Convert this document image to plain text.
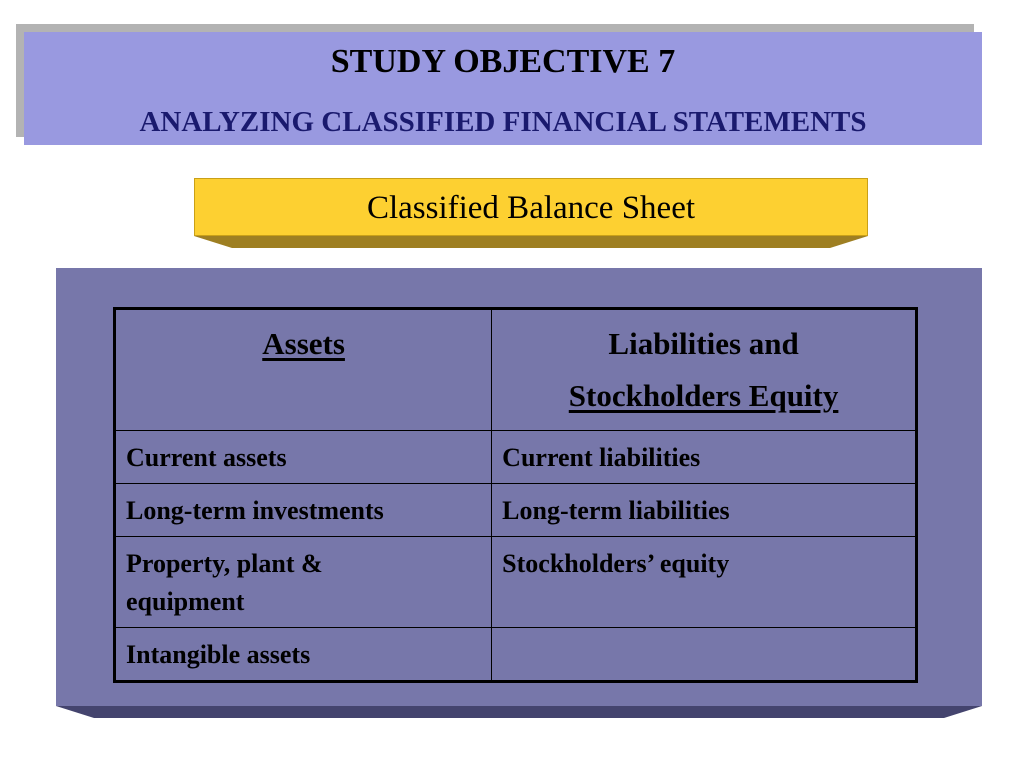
STUDY OBJECTIVE 7
ANALYZING CLASSIFIED FINANCIAL STATEMENTS
Classified Balance Sheet
Assets	Liabilities and
Stockholders Equity
Current assets	Current liabilities
Long-term investments	Long-term liabilities
Property, plant &
equipment	Stockholders’ equity
Intangible assets	
